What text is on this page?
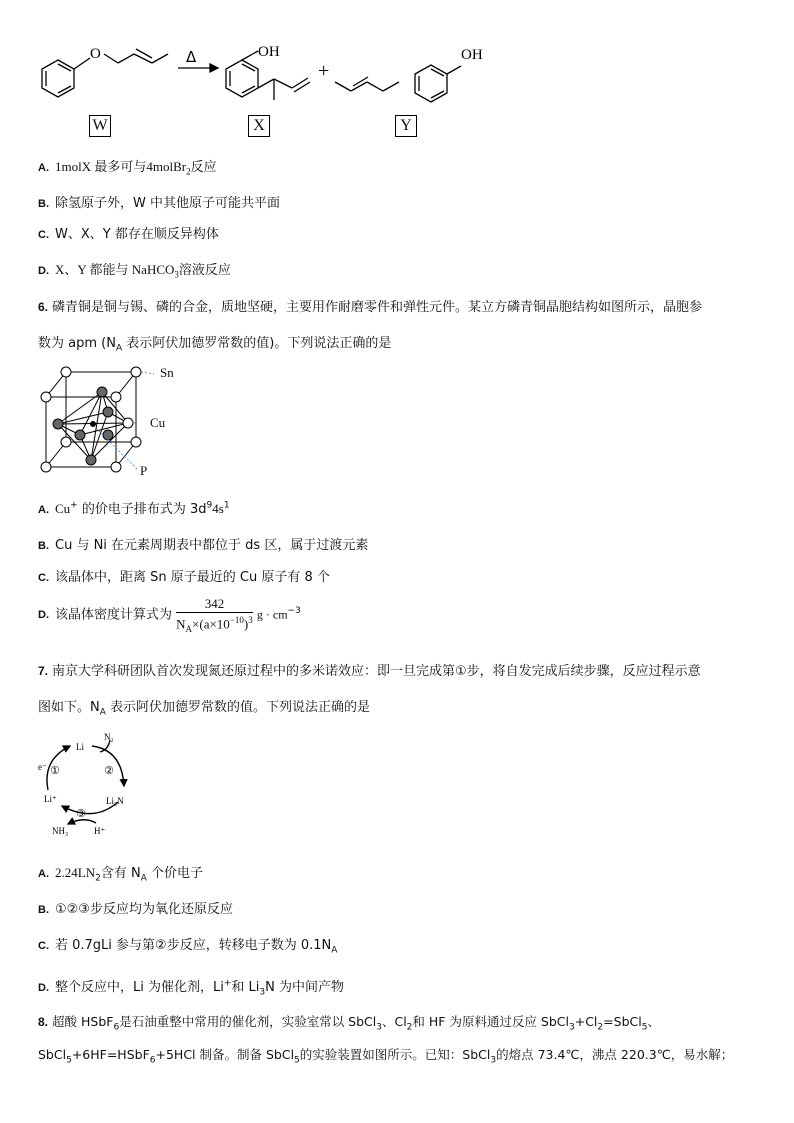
O	Δ	OH
+
OH
W	X	Y
A. 1molX 最多可与4molBr$_2$反应
B. 除氢原子外，W 中其他原子可能共平面
C. W、X、Y 都存在顺反异构体
D. X、Y 都能与 NaHCO$_3$溶液反应
6. 磷青铜是铜与锡、磷的合金，质地坚硬，主要用作耐磨零件和弹性元件。某立方磷青铜晶胞结构如图所示，晶胞参
数为 apm ($N_A$ 表示阿伏加德罗常数的值)。下列说法正确的是
Sn
Cu
P
A. Cu+ 的价电子排布式为 $3d^94s^1$
B. Cu 与 Ni 在元素周期表中都位于 ds 区，属于过渡元素
C. 该晶体中，距离 Sn 原子最近的 Cu 原子有 8 个
D. 该晶体密度计算式为 $\frac{342}{N_A\times(a\times 10^{-10})^3}$ $g \cdot cm^{-3}$
7. 南京大学科研团队首次发现氮还原过程中的多米诺效应：即一旦完成第①步，将自发完成后续步骤，反应过程示意
图如下。$N_A$ 表示阿伏加德罗常数的值。下列说法正确的是
Li
N₂
e⁻ ①	②
③
Li⁺	Li₃N
NH₃	H⁺
A. $2.24LN_2$含有 $N_A$ 个价电子
B. ①②③步反应均为氧化还原反应
C. 若 0.7gLi 参与第②步反应，转移电子数为 $0.1N_A$
D. 整个反应中，Li 为催化剂，Li+和 $Li_3N$ 为中间产物
8. 超酸 HSbF$_6$是石油重整中常用的催化剂，实验室常以 SbCl$_3$、$Cl_2$和 HF 为原料通过反应 $SbCl_3+Cl_2=SbCl_5$、
SbCl$_5$+6HF=HSbF$_6$+5HCl 制备。制备 SbCl$_5$的实验装置如图所示。已知：SbCl$_3$的熔点 73.4℃，沸点 220.3℃，易水解；
